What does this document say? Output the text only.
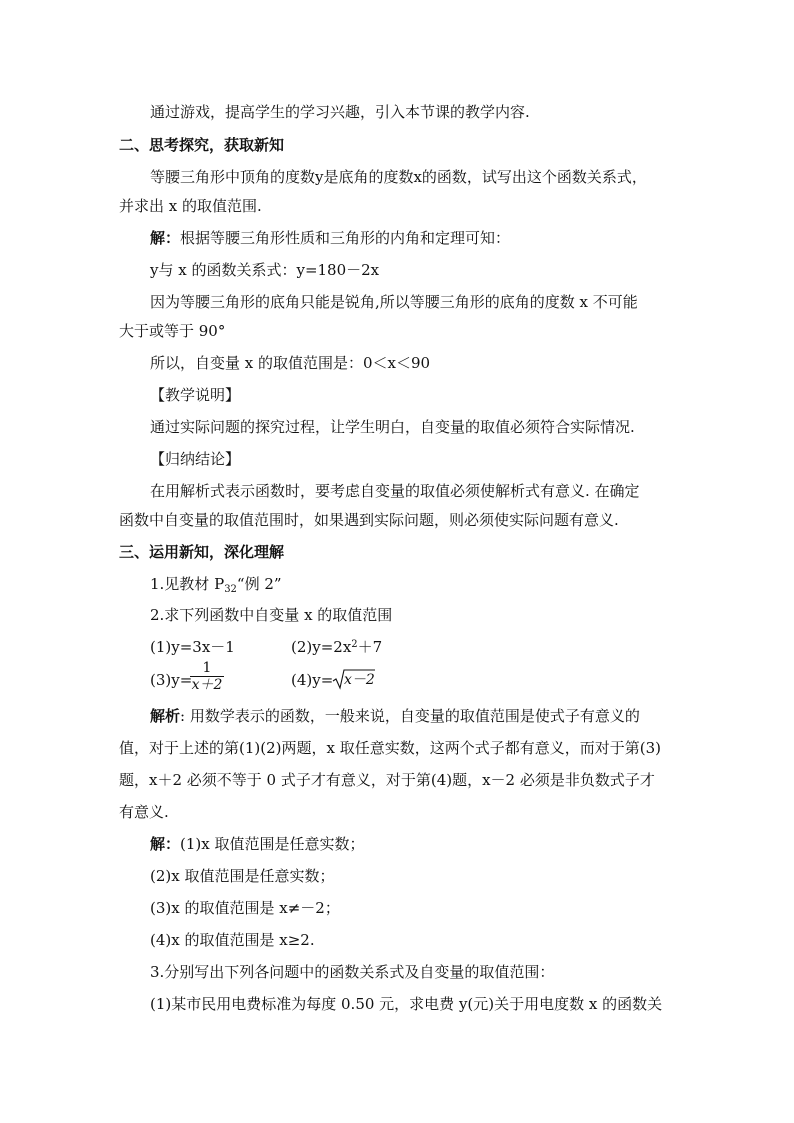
通过游戏，提高学生的学习兴趣，引入本节课的教学内容.
二、思考探究，获取新知
等腰三角形中顶角的度数y是底角的度数x的函数，试写出这个函数关系式，
并求出 x 的取值范围.
解：根据等腰三角形性质和三角形的内角和定理可知：
y与 x 的函数关系式：y=180－2x
因为等腰三角形的底角只能是锐角,所以等腰三角形的底角的度数 x 不可能
大于或等于 90°
所以，自变量 x 的取值范围是：0＜x＜90
【教学说明】
通过实际问题的探究过程，让学生明白，自变量的取值必须符合实际情况.
【归纳结论】
在用解析式表示函数时，要考虑自变量的取值必须使解析式有意义. 在确定
函数中自变量的取值范围时，如果遇到实际问题，则必须使实际问题有意义.
三、运用新知，深化理解
1.见教材 $P_{32}“$例 2”
2.求下列函数中自变量 x 的取值范围
(1)y=3x－1	$(2)y=2x^2+7$
(3)y=
1
x＋2	(4)y= x－2
解析: 用数学表示的函数，一般来说，自变量的取值范围是使式子有意义的
值，对于上述的第(1)(2)两题，x 取任意实数，这两个式子都有意义，而对于第(3)
题，x＋2 必须不等于 0 式子才有意义，对于第(4)题，x－2 必须是非负数式子才
有意义.
解：(1)x 取值范围是任意实数；
(2)x 取值范围是任意实数；
(3)x 的取值范围是 x≠－2；
(4)x 的取值范围是 x≥2.
3.分别写出下列各问题中的函数关系式及自变量的取值范围：
(1)某市民用电费标准为每度 0.50 元，求电费 y(元)关于用电度数 x 的函数关
